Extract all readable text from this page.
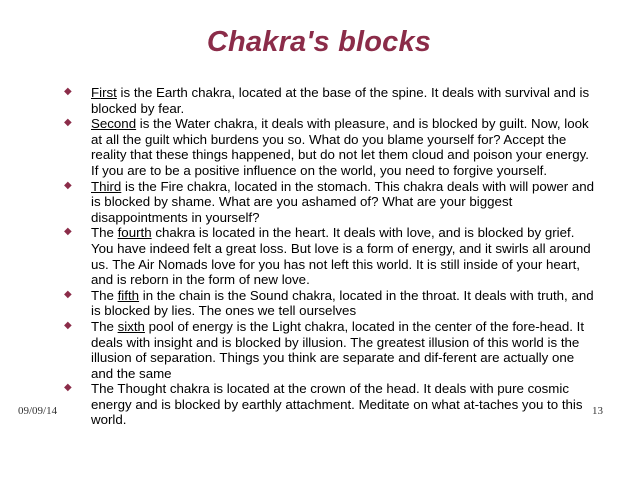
Chakra's blocks
◆ First is the Earth chakra, located at the base of the spine. It deals with survival and is blocked by fear.
◆ Second is the Water chakra, it deals with pleasure, and is blocked by guilt. Now, look at all the guilt which burdens you so. What do you blame yourself for? Accept the reality that these things happened, but do not let them cloud and poison your energy. If you are to be a positive influence on the world, you need to forgive yourself.
◆ Third is the Fire chakra, located in the stomach. This chakra deals with will power and is blocked by shame. What are you ashamed of? What are your biggest disappointments in yourself?
◆ The fourth chakra is located in the heart. It deals with love, and is blocked by grief. You have indeed felt a great loss. But love is a form of energy, and it swirls all around us. The Air Nomads love for you has not left this world. It is still inside of your heart, and is reborn in the form of new love.
◆ The fifth in the chain is the Sound chakra, located in the throat. It deals with truth, and is blocked by lies. The ones we tell ourselves
◆ The sixth pool of energy is the Light chakra, located in the center of the fore-head. It deals with insight and is blocked by illusion. The greatest illusion of this world is the illusion of separation. Things you think are separate and dif-ferent are actually one and the same
◆ The Thought chakra is located at the crown of the head. It deals with pure cosmic energy and is blocked by earthly attachment. Meditate on what at-taches you to this world.
09/09/14	13
